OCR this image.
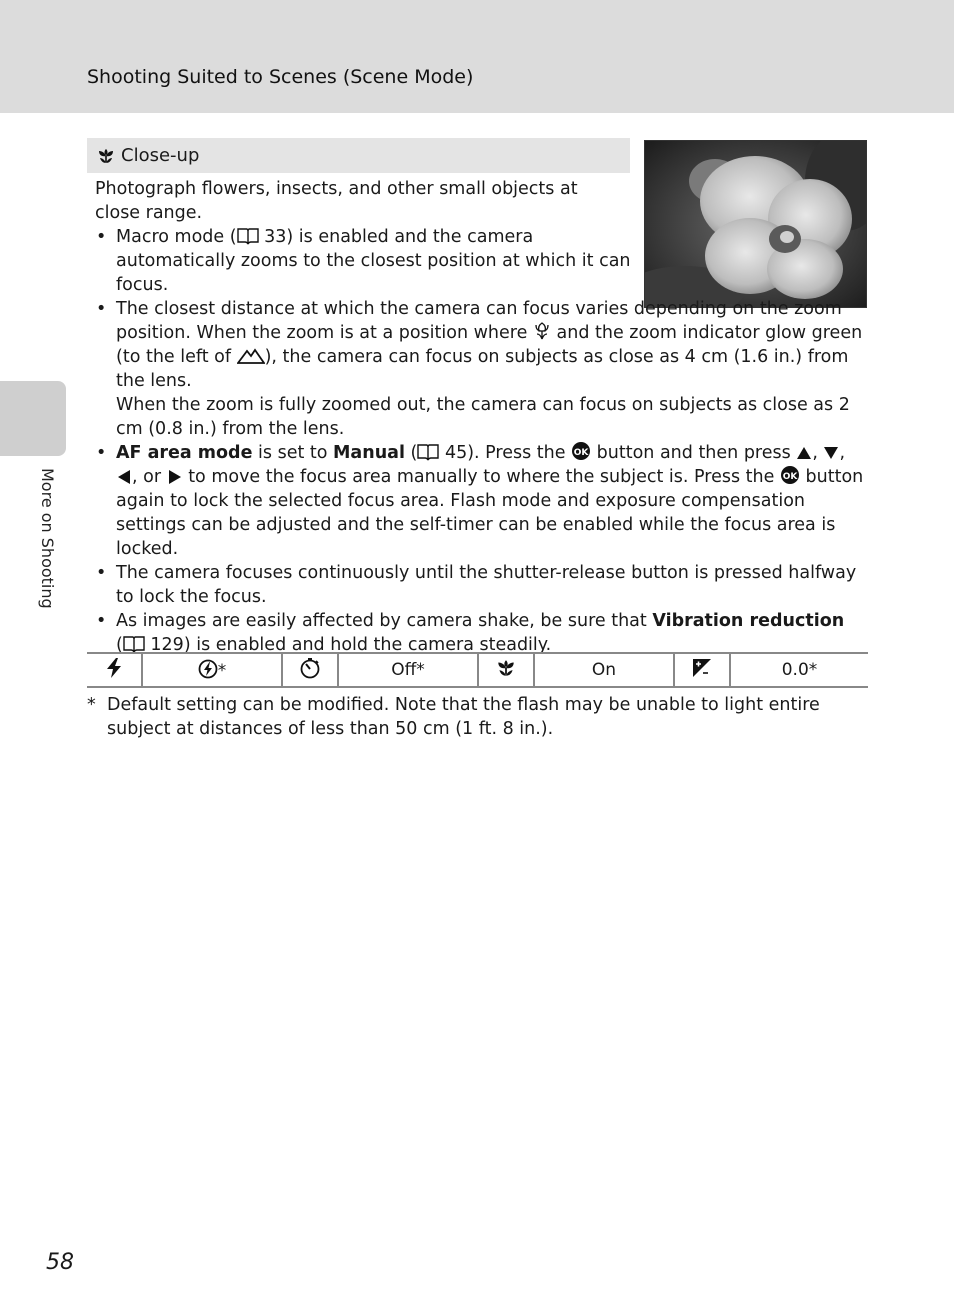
Shooting Suited to Scenes (Scene Mode)
More on Shooting
Close-up

Photograph flowers, insects, and other small objects at close range.

• Macro mode ( 33) is enabled and the camera automatically zooms to the closest position at which it can focus.
• The closest distance at which the camera can focus varies depending on the zoom position. When the zoom is at a position where and the zoom indicator glow green (to the left of ), the camera can focus on subjects as close as 4 cm (1.6 in.) from the lens.
When the zoom is fully zoomed out, the camera can focus on subjects as close as 2 cm (0.8 in.) from the lens.
• AF area mode is set to Manual ( 45). Press the OK button and then press , , , or to move the focus area manually to where the subject is. Press the OK button again to lock the selected focus area. Flash mode and exposure compensation settings can be adjusted and the self-timer can be enabled while the focus area is locked.
• The camera focuses continuously until the shutter-release button is pressed halfway to lock the focus.
• As images are easily affected by camera shake, be sure that Vibration reduction
( 129) is enabled and hold the camera steadily.
	*		Off*		On		0.0*
* Default setting can be modified. Note that the flash may be unable to light entire subject at distances of less than 50 cm (1 ft. 8 in.).
58
